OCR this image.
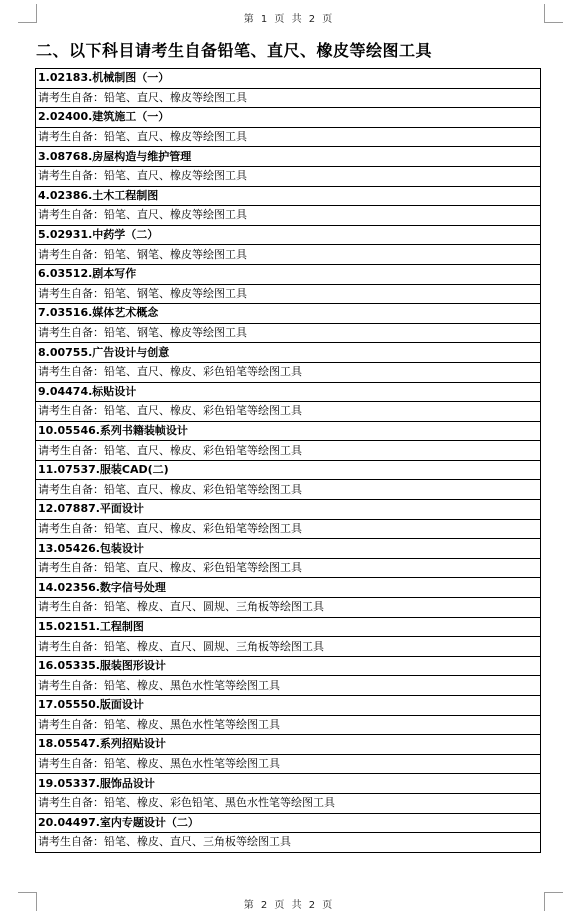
第 1 页 共 2 页
二、以下科目请考生自备铅笔、直尺、橡皮等绘图工具
1.02183.机械制图（一）
请考生自备：铅笔、直尺、橡皮等绘图工具
2.02400.建筑施工（一）
请考生自备：铅笔、直尺、橡皮等绘图工具
3.08768.房屋构造与维护管理
请考生自备：铅笔、直尺、橡皮等绘图工具
4.02386.土木工程制图
请考生自备：铅笔、直尺、橡皮等绘图工具
5.02931.中药学（二）
请考生自备：铅笔、钢笔、橡皮等绘图工具
6.03512.剧本写作
请考生自备：铅笔、钢笔、橡皮等绘图工具
7.03516.媒体艺术概念
请考生自备：铅笔、钢笔、橡皮等绘图工具
8.00755.广告设计与创意
请考生自备：铅笔、直尺、橡皮、彩色铅笔等绘图工具
9.04474.标贴设计
请考生自备：铅笔、直尺、橡皮、彩色铅笔等绘图工具
10.05546.系列书籍装帧设计
请考生自备：铅笔、直尺、橡皮、彩色铅笔等绘图工具
11.07537.服装CAD(二)
请考生自备：铅笔、直尺、橡皮、彩色铅笔等绘图工具
12.07887.平面设计
请考生自备：铅笔、直尺、橡皮、彩色铅笔等绘图工具
13.05426.包装设计
请考生自备：铅笔、直尺、橡皮、彩色铅笔等绘图工具
14.02356.数字信号处理
请考生自备：铅笔、橡皮、直尺、圆规、三角板等绘图工具
15.02151.工程制图
请考生自备：铅笔、橡皮、直尺、圆规、三角板等绘图工具
16.05335.服装图形设计
请考生自备：铅笔、橡皮、黑色水性笔等绘图工具
17.05550.版面设计
请考生自备：铅笔、橡皮、黑色水性笔等绘图工具
18.05547.系列招贴设计
请考生自备：铅笔、橡皮、黑色水性笔等绘图工具
19.05337.服饰品设计
请考生自备：铅笔、橡皮、彩色铅笔、黑色水性笔等绘图工具
20.04497.室内专题设计（二）
请考生自备：铅笔、橡皮、直尺、三角板等绘图工具
第 2 页 共 2 页
